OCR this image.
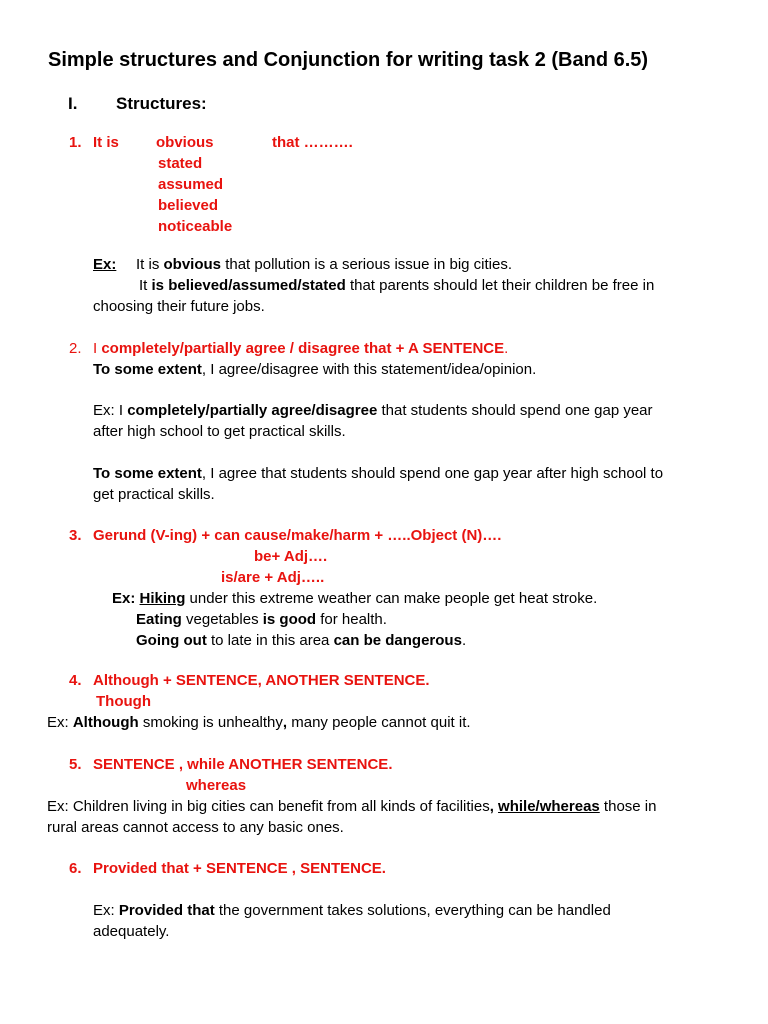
Simple structures and Conjunction for writing task 2 (Band 6.5)
I. Structures:
1. It is obvious	that ……….
stated
assumed
believed
noticeable
Ex: It is obvious that pollution is a serious issue in big cities.
It is believed/assumed/stated that parents should let their children be free in
choosing their future jobs.
2. I completely/partially agree / disagree that + A SENTENCE.
To some extent, I agree/disagree with this statement/idea/opinion.
Ex: I completely/partially agree/disagree that students should spend one gap year
after high school to get practical skills.
To some extent, I agree that students should spend one gap year after high school to
get practical skills.
3. Gerund (V-ing) + can cause/make/harm + …..Object (N)….
be+ Adj….
is/are + Adj…..
Ex: Hiking under this extreme weather can make people get heat stroke.
Eating vegetables is good for health.
Going out to late in this area can be dangerous.
4. Although + SENTENCE, ANOTHER SENTENCE.
Though
Ex: Although smoking is unhealthy, many people cannot quit it.
5. SENTENCE , while ANOTHER SENTENCE.
whereas
Ex: Children living in big cities can benefit from all kinds of facilities, while/whereas those in
rural areas cannot access to any basic ones.
6. Provided that + SENTENCE , SENTENCE.
Ex: Provided that the government takes solutions, everything can be handled
adequately.
